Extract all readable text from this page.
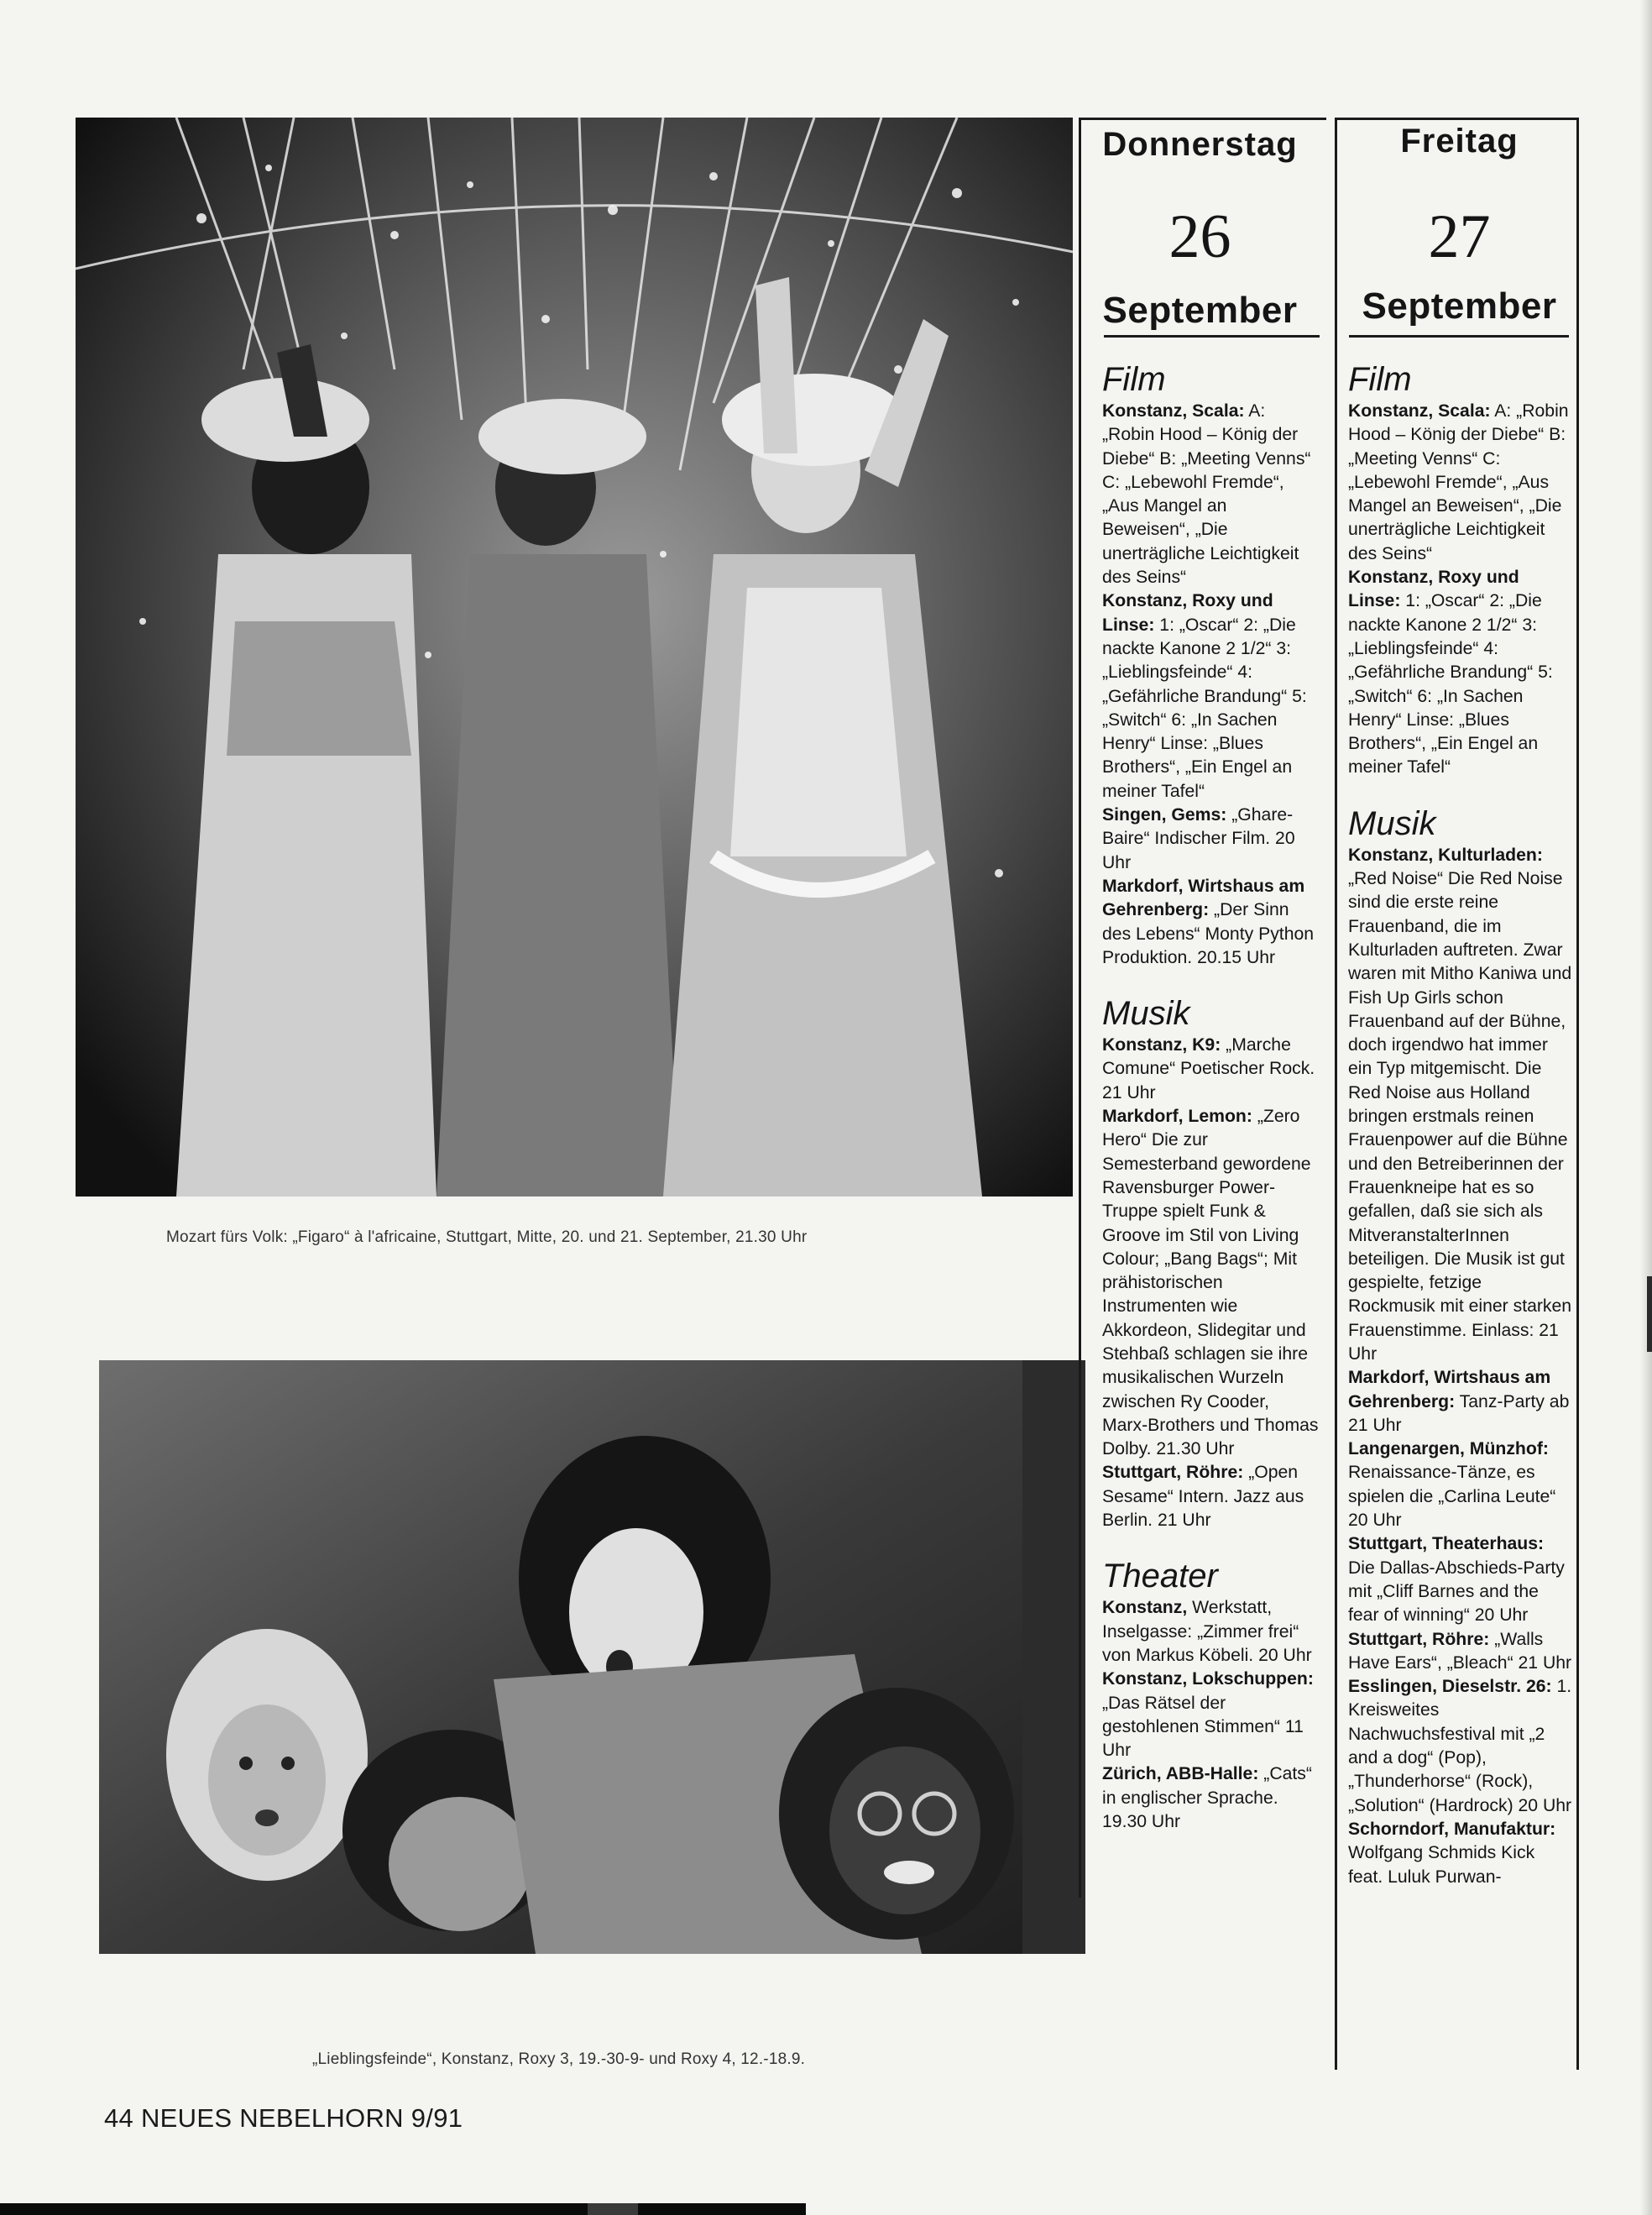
Mozart fürs Volk: „Figaro“ à l'africaine, Stuttgart, Mitte, 20. und 21. September, 21.30 Uhr
„Lieblingsfeinde“, Konstanz, Roxy 3, 19.-30-9- und Roxy 4, 12.-18.9.
44 NEUES NEBELHORN 9/91
Donnerstag
26
September
Film

Konstanz, Scala: A: „Robin Hood – König der Diebe“ B: „Meeting Venns“ C: „Lebewohl Fremde“, „Aus Mangel an Beweisen“, „Die unerträgliche Leichtigkeit des Seins“

Konstanz, Roxy und Linse: 1: „Oscar“ 2: „Die nackte Kanone 2 1/2“ 3: „Lieblingsfeinde“ 4: „Gefährliche Brandung“ 5: „Switch“ 6: „In Sachen Henry“ Linse: „Blues Brothers“, „Ein Engel an meiner Tafel“

Singen, Gems: „Ghare-Baire“ Indischer Film. 20 Uhr

Markdorf, Wirtshaus am Gehrenberg: „Der Sinn des Lebens“ Monty Python Produktion. 20.15 Uhr

Musik

Konstanz, K9: „Marche Comune“ Poetischer Rock. 21 Uhr

Markdorf, Lemon: „Zero Hero“ Die zur Semesterband gewordene Ravensburger Power-Truppe spielt Funk & Groove im Stil von Living Colour; „Bang Bags“; Mit prähistorischen Instrumenten wie Akkordeon, Slidegitar und Stehbaß schlagen sie ihre musikalischen Wurzeln zwischen Ry Cooder, Marx-Brothers und Thomas Dolby. 21.30 Uhr

Stuttgart, Röhre: „Open Sesame“ Intern. Jazz aus Berlin. 21 Uhr

Theater

Konstanz, Werkstatt, Inselgasse: „Zimmer frei“ von Markus Köbeli. 20 Uhr

Konstanz, Lokschuppen: „Das Rätsel der gestohlenen Stimmen“ 11 Uhr

Zürich, ABB-Halle: „Cats“ in englischer Sprache. 19.30 Uhr

Freitag
27
September
Film

Konstanz, Scala: A: „Robin Hood – König der Diebe“ B: „Meeting Venns“ C: „Lebewohl Fremde“, „Aus Mangel an Beweisen“, „Die unerträgliche Leichtigkeit des Seins“

Konstanz, Roxy und Linse: 1: „Oscar“ 2: „Die nackte Kanone 2 1/2“ 3: „Lieblingsfeinde“ 4: „Gefährliche Brandung“ 5: „Switch“ 6: „In Sachen Henry“ Linse: „Blues Brothers“, „Ein Engel an meiner Tafel“

Musik

Konstanz, Kulturladen: „Red Noise“ Die Red Noise sind die erste reine Frauenband, die im Kulturladen auftreten. Zwar waren mit Mitho Kaniwa und Fish Up Girls schon Frauenband auf der Bühne, doch irgendwo hat immer ein Typ mitgemischt. Die Red Noise aus Holland bringen erstmals reinen Frauenpower auf die Bühne und den Betreiberinnen der Frauenkneipe hat es so gefallen, daß sie sich als MitveranstalterInnen beteiligen. Die Musik ist gut gespielte, fetzige Rockmusik mit einer starken Frauenstimme. Einlass: 21 Uhr

Markdorf, Wirtshaus am Gehrenberg: Tanz-Party ab 21 Uhr

Langenargen, Münzhof: Renaissance-Tänze, es spielen die „Carlina Leute“ 20 Uhr

Stuttgart, Theaterhaus: Die Dallas-Abschieds-Party mit „Cliff Barnes and the fear of winning“ 20 Uhr

Stuttgart, Röhre: „Walls Have Ears“, „Bleach“ 21 Uhr

Esslingen, Dieselstr. 26: 1. Kreisweites Nachwuchsfestival mit „2 and a dog“ (Pop), „Thunderhorse“ (Rock), „Solution“ (Hardrock) 20 Uhr

Schorndorf, Manufaktur: Wolfgang Schmids Kick feat. Luluk Purwan-
